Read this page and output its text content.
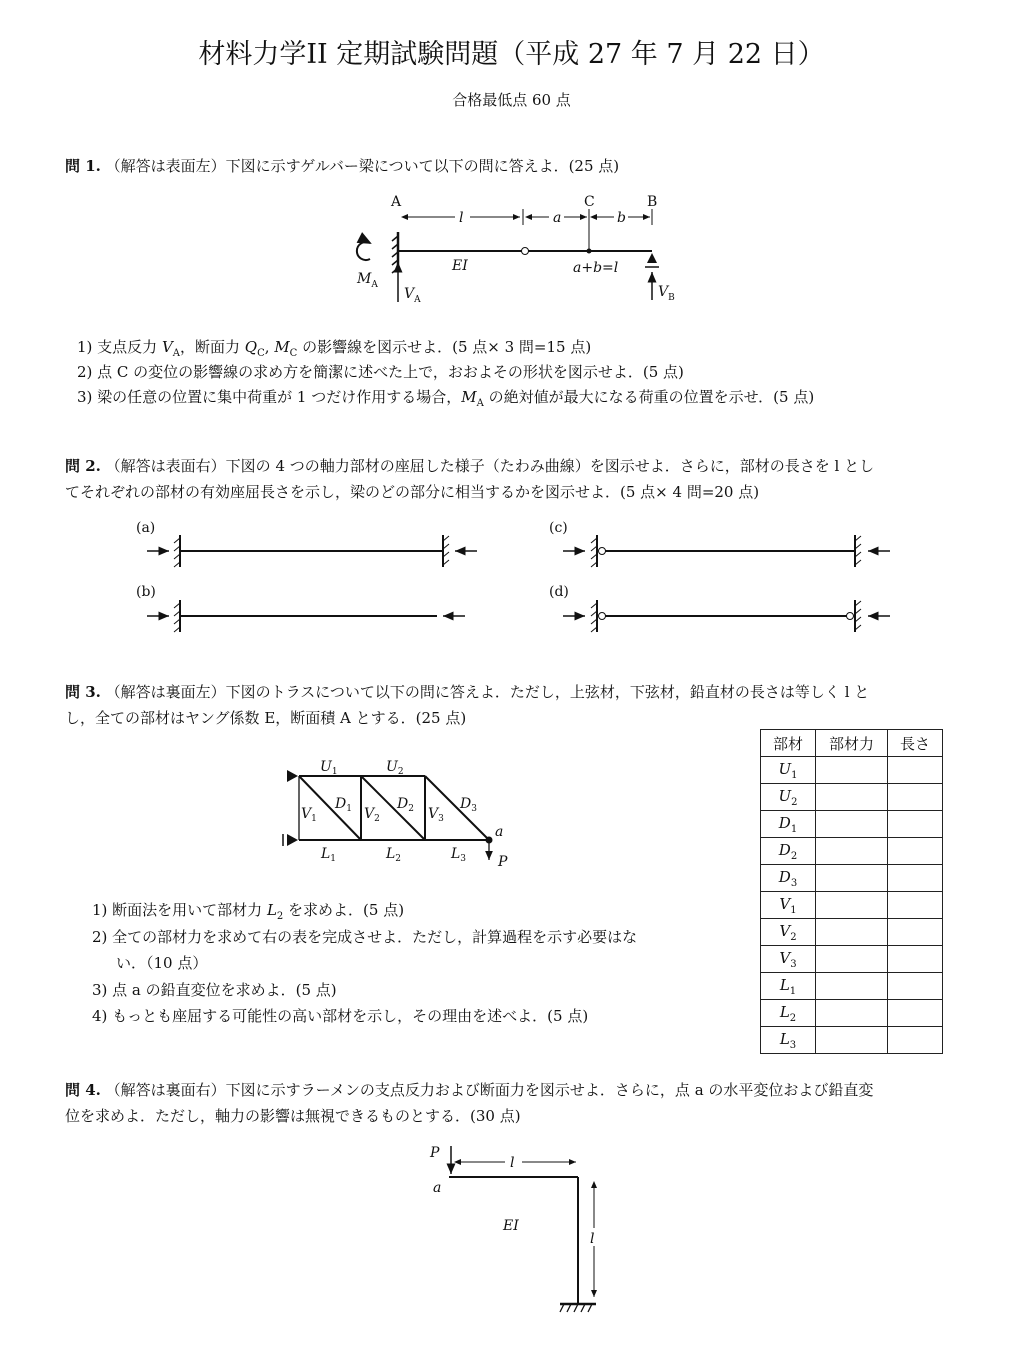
材料力学II 定期試験問題（平成 27 年 7 月 22 日）
合格最低点 60 点
問 1. （解答は表面左）下図に示すゲルバー梁について以下の問に答えよ．(25 点)
A	C	B
l	a	b
$M_A$
$V_A$
EI	a+b=l
$V_B$
(a)
(b)
(c)
(d)
$U_1$	$U_2$
$D_1$	$D_2$	$D_3$
$V_1$	$V_2$	$V_3$
$L_1$	$L_2$	$L_3$
a
P
P
l
a
EI
l
1) 支点反力 $V_A$，断面力 $Q_C$, $M_C$ の影響線を図示せよ．(5 点× 3 問=15 点)
2) 点 C の変位の影響線の求め方を簡潔に述べた上で，おおよその形状を図示せよ．(5 点)
3) 梁の任意の位置に集中荷重が 1 つだけ作用する場合，$M_A$ の絶対値が最大になる荷重の位置を示せ．(5 点)
問 2. （解答は表面右）下図の 4 つの軸力部材の座屈した様子（たわみ曲線）を図示せよ．さらに，部材の長さを l とし
てそれぞれの部材の有効座屈長さを示し，梁のどの部分に相当するかを図示せよ．(5 点× 4 問=20 点)
問 3. （解答は裏面左）下図のトラスについて以下の問に答えよ．ただし，上弦材，下弦材，鉛直材の長さは等しく l と
し，全ての部材はヤング係数 E，断面積 A とする．(25 点)
部材	部材力	長さ
$U_1$		
$U_2$		
$D_1$		
$D_2$		
$D_3$		
$V_1$		
$V_2$		
$V_3$		
$L_1$		
$L_2$		
$L_3$		
1) 断面法を用いて部材力 $L_2$ を求めよ．(5 点)
2) 全ての部材力を求めて右の表を完成させよ．ただし，計算過程を示す必要はな
い．（10 点）
3) 点 a の鉛直変位を求めよ．(5 点)
4) もっとも座屈する可能性の高い部材を示し，その理由を述べよ．(5 点)
問 4. （解答は裏面右）下図に示すラーメンの支点反力および断面力を図示せよ．さらに，点 a の水平変位および鉛直変
位を求めよ．ただし，軸力の影響は無視できるものとする．(30 点)
